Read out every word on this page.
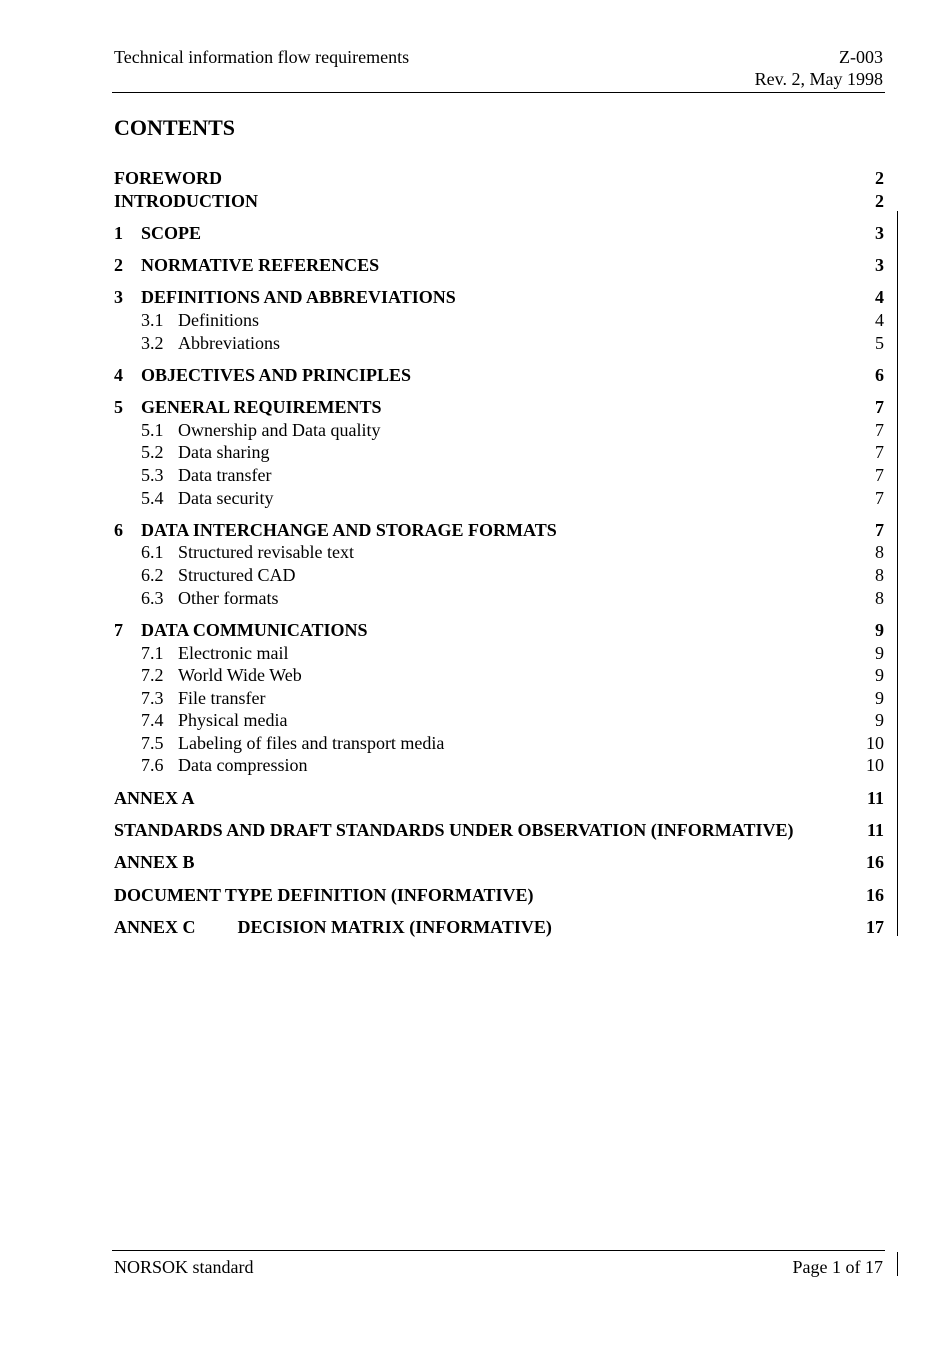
Technical information flow requirements	Z-003
Rev. 2, May 1998
CONTENTS
FOREWORD	2
INTRODUCTION	2
1	SCOPE	3
2	NORMATIVE REFERENCES	3
3	DEFINITIONS AND ABBREVIATIONS	4
3.1 Definitions	4
3.2 Abbreviations	5
4	OBJECTIVES AND PRINCIPLES	6
5	GENERAL REQUIREMENTS	7
5.1 Ownership and Data quality	7
5.2 Data sharing	7
5.3 Data transfer	7
5.4 Data security	7
6	DATA INTERCHANGE AND STORAGE FORMATS	7
6.1 Structured revisable text	8
6.2 Structured CAD	8
6.3 Other formats	8
7	DATA COMMUNICATIONS	9
7.1 Electronic mail	9
7.2 World Wide Web	9
7.3 File transfer	9
7.4 Physical media	9
7.5 Labeling of files and transport media	10
7.6 Data compression	10
ANNEX A	11
STANDARDS AND DRAFT STANDARDS UNDER OBSERVATION (INFORMATIVE)	11
ANNEX B	16
DOCUMENT TYPE DEFINITION (INFORMATIVE)	16
ANNEX C DECISION MATRIX (INFORMATIVE)	17
NORSOK standard	Page 1 of 17
